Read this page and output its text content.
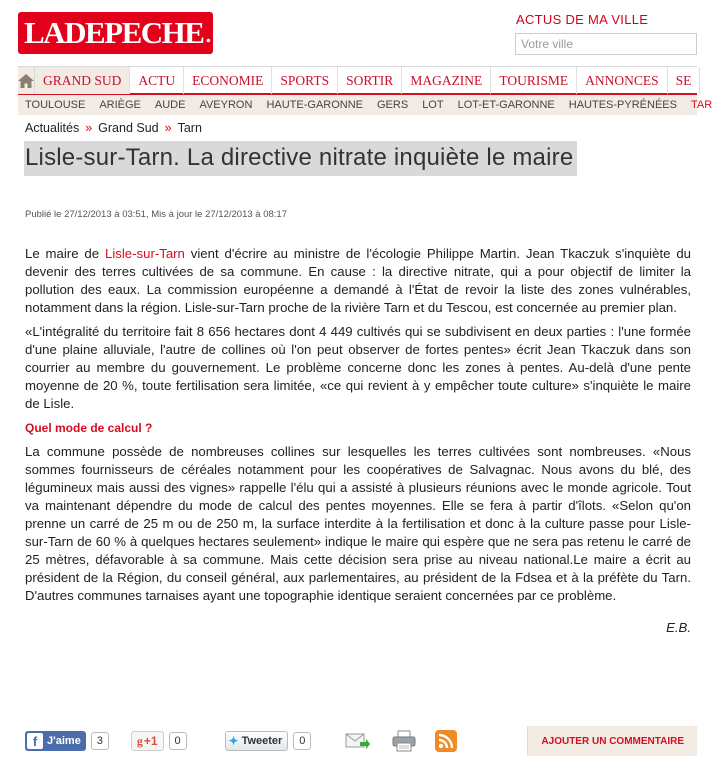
LADEPECHE .fr	ACTUS DE MA VILLE
Votre ville
GRAND SUD	ACTU	ECONOMIE	SPORTS	SORTIR	MAGAZINE	TOURISME	ANNONCES	SE
TOULOUSE	ARIÈGE	AUDE	AVEYRON	HAUTE-GARONNE	GERS	LOT	LOT-ET-GARONNE	HAUTES-PYRÉNÉES	TAR
Actualités » Grand Sud » Tarn
Lisle-sur-Tarn. La directive nitrate inquiète le maire
Publié le 27/12/2013 à 03:51, Mis à jour le 27/12/2013 à 08:17

Le maire de Lisle-sur-Tarn vient d'écrire au ministre de l'écologie Philippe Martin. Jean Tkaczuk s'inquiète du devenir des terres cultivées de sa commune. En cause : la directive nitrate, qui a pour objectif de limiter la pollution des eaux. La commission européenne a demandé à l'État de revoir la liste des zones vulnérables, notamment dans la région. Lisle-sur-Tarn proche de la rivière Tarn et du Tescou, est concernée au premier plan.

«L'intégralité du territoire fait 8 656 hectares dont 4 449 cultivés qui se subdivisent en deux parties : l'une formée d'une plaine alluviale, l'autre de collines où l'on peut observer de fortes pentes» écrit Jean Tkaczuk dans son courrier au membre du gouvernement. Le problème concerne donc les zones à pentes. Au-delà d'une pente moyenne de 20 %, toute fertilisation sera limitée, «ce qui revient à y empêcher toute culture» s'inquiète le maire de Lisle.

Quel mode de calcul ?

La commune possède de nombreuses collines sur lesquelles les terres cultivées sont nombreuses. «Nous sommes fournisseurs de céréales notamment pour les coopératives de Salvagnac. Nous avons du blé, des légumineux mais aussi des vignes» rappelle l'élu qui a assisté à plusieurs réunions avec le monde agricole. Tout va maintenant dépendre du mode de calcul des pentes moyennes. Elle se fera à partir d'îlots. «Selon qu'on prenne un carré de 25 m ou de 250 m, la surface interdite à la fertilisation et donc à la culture passe pour Lisle-sur-Tarn de 60 % à quelques hectares seulement» indique le maire qui espère que ne sera pas retenu le carré de 25 mètres, défavorable à sa commune. Mais cette décision sera prise au niveau national.Le maire a écrit au président de la Région, du conseil général, aux parlementaires, au président de la Fdsea et à la préfète du Tarn. D'autres communes tarnaises ayant une topographie identique seraient concernées par ce problème.

E.B.
f J'aime	3	g +1	0	✦ Tweeter	0	AJOUTER UN COMMENTAIRE
